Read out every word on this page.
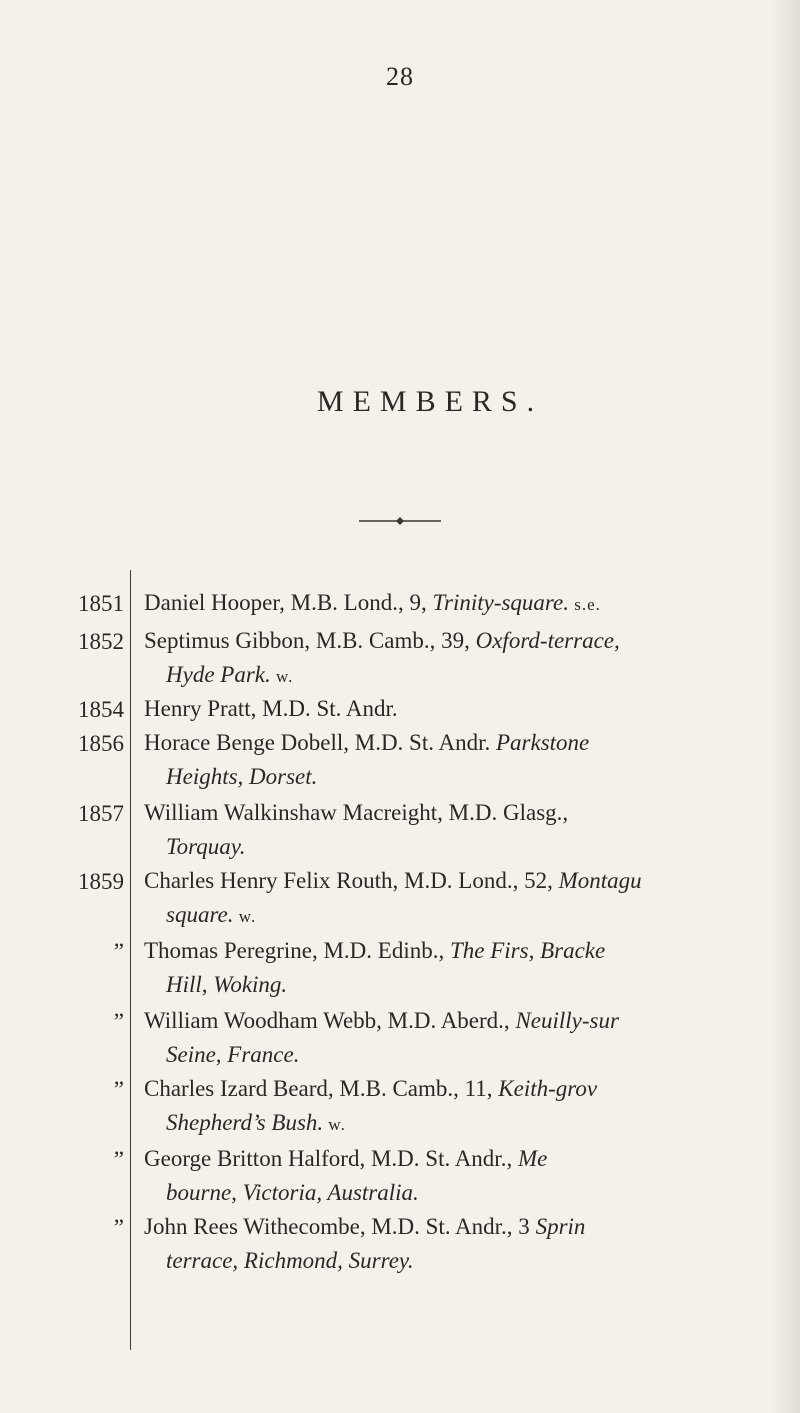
28
MEMBERS.
1851
1852
1854
1856
1857
1859
”
”
”
”
”
Daniel Hooper, M.B. Lond., 9, Trinity-square. s.e.
Septimus Gibbon, M.B. Camb., 39, Oxford-terrace,
Hyde Park. w.
Henry Pratt, M.D. St. Andr.
Horace Benge Dobell, M.D. St. Andr. Parkstone
Heights, Dorset.
William Walkinshaw Macreight, M.D. Glasg.,
Torquay.
Charles Henry Felix Routh, M.D. Lond., 52, Montagu
square. w.
Thomas Peregrine, M.D. Edinb., The Firs, Bracke
Hill, Woking.
William Woodham Webb, M.D. Aberd., Neuilly-sur
Seine, France.
Charles Izard Beard, M.B. Camb., 11, Keith-grov
Shepherd’s Bush. w.
George Britton Halford, M.D. St. Andr., Me
bourne, Victoria, Australia.
John Rees Withecombe, M.D. St. Andr., 3 Sprin
terrace, Richmond, Surrey.
